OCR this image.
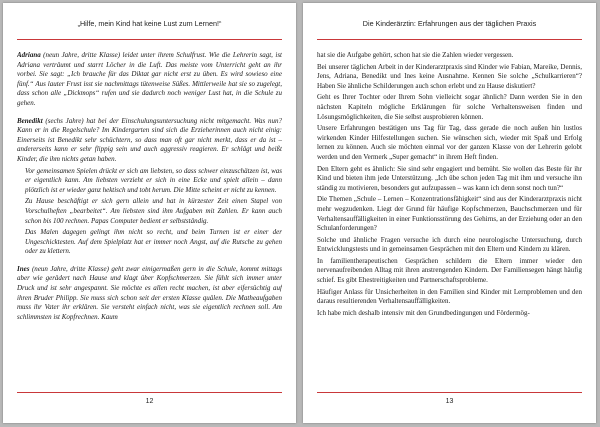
„Hilfe, mein Kind hat keine Lust zum Lernen!“

Adriana (neun Jahre, dritte Klasse) leidet unter ihrem Schulfrust. Wie die Lehrerin sagt, ist Adriana verträumt und starrt Löcher in die Luft. Das meiste vom Unterricht geht an ihr vorbei. Sie sagt: „Ich brauche für das Diktat gar nicht erst zu üben. Es wird sowieso eine fünf.“ Aus lauter Frust isst sie nachmittags tütenweise Süßes. Mittlerweile hat sie so zugelegt, dass schon alle „Dickmops“ rufen und sie dadurch noch weniger Lust hat, in die Schule zu gehen.

Benedikt (sechs Jahre) hat bei der Einschulungsuntersuchung nicht mitgemacht. Was nun? Kann er in die Regelschule? Im Kindergarten sind sich die Erzieherinnen auch nicht einig: Einerseits ist Benedikt sehr schüchtern, so dass man oft gar nicht merkt, dass er da ist – andererseits kann er sehr flippig sein und auch aggressiv reagieren. Er schlägt und beißt Kinder, die ihm nichts getan haben.

Vor gemeinsamen Spielen drückt er sich am liebsten, so dass schwer einzuschätzen ist, was er eigentlich kann. Am liebsten verzieht er sich in eine Ecke und spielt allein – dann plötzlich ist er wieder ganz hektisch und tobt herum. Die Mitte scheint er nicht zu kennen.

Zu Hause beschäftigt er sich gern allein und hat in kürzester Zeit einen Stapel von Vorschulheften „bearbeitet“. Am liebsten sind ihm Aufgaben mit Zahlen. Er kann auch schon bis 100 rechnen. Papas Computer bedient er selbstständig.

Das Malen dagegen gelingt ihm nicht so recht, und beim Turnen ist er einer der Ungeschicktesten. Auf dem Spielplatz hat er immer noch Angst, auf die Rutsche zu gehen oder zu klettern.

Ines (neun Jahre, dritte Klasse) geht zwar einigermaßen gern in die Schule, kommt mittags aber wie gerädert nach Hause und klagt über Kopfschmerzen. Sie fühlt sich immer unter Druck und ist sehr angespannt. Sie möchte es allen recht machen, ist aber eifersüchtig auf ihren Bruder Philipp. Sie muss sich schon seit der ersten Klasse quälen. Die Matheaufgaben muss ihr Vater ihr erklären. Sie versteht einfach nicht, was sie eigentlich rechnen soll. Am schlimmsten ist Kopfrechnen. Kaum

12
Die Kinderärztin: Erfahrungen aus der täglichen Praxis

hat sie die Aufgabe gehört, schon hat sie die Zahlen wieder vergessen.

Bei unserer täglichen Arbeit in der Kinderarztpraxis sind Kinder wie Fabian, Mareike, Dennis, Jens, Adriana, Benedikt und Ines keine Ausnahme. Kennen Sie solche „Schulkarrieren“? Haben Sie ähnliche Schilderungen auch schon erlebt und zu Hause diskutiert?

Geht es Ihrer Tochter oder Ihrem Sohn vielleicht sogar ähnlich? Dann werden Sie in den nächsten Kapiteln mögliche Erklärungen für solche Verhaltensweisen finden und Lösungsmöglichkeiten, die Sie selbst ausprobieren können.

Unsere Erfahrungen bestätigen uns Tag für Tag, dass gerade die noch außen hin lustlos wirkenden Kinder Hilfestellungen suchen. Sie wünschen sich, wieder mit Spaß und Erfolg lernen zu können. Auch sie möchten einmal vor der ganzen Klasse von der Lehrerin gelobt werden und den Vermerk „Super gemacht“ in ihrem Heft finden.

Den Eltern geht es ähnlich: Sie sind sehr engagiert und bemüht. Sie wollen das Beste für ihr Kind und bieten ihm jede Unterstützung. „Ich übe schon jeden Tag mit ihm und versuche ihn ständig zu motivieren, besonders gut aufzupassen – was kann ich denn sonst noch tun?“

Die Themen „Schule – Lernen – Konzentrationsfähigkeit“ sind aus der Kinderarztpraxis nicht mehr wegzudenken. Liegt der Grund für häufige Kopfschmerzen, Bauchschmerzen und für Verhaltensauffälligkeiten in einer Funktionsstörung des Gehirns, an der Erziehung oder an den Schulanforderungen?

Solche und ähnliche Fragen versuche ich durch eine neurologische Untersuchung, durch Entwicklungstests und in gemeinsamen Gesprächen mit den Eltern und Kindern zu klären.

In familientherapeutischen Gesprächen schildern die Eltern immer wieder den nervenaufreibenden Alltag mit ihren anstrengenden Kindern. Der Familiensegen hängt häufig schief. Es gibt Ehestreitigkeiten und Partnerschaftsprobleme.

Häufiger Anlass für Unsicherheiten in den Familien sind Kinder mit Lernproblemen und den daraus resultierenden Verhaltensauffälligkeiten.

Ich habe mich deshalb intensiv mit den Grundbedingungen und Fördermög-

13
